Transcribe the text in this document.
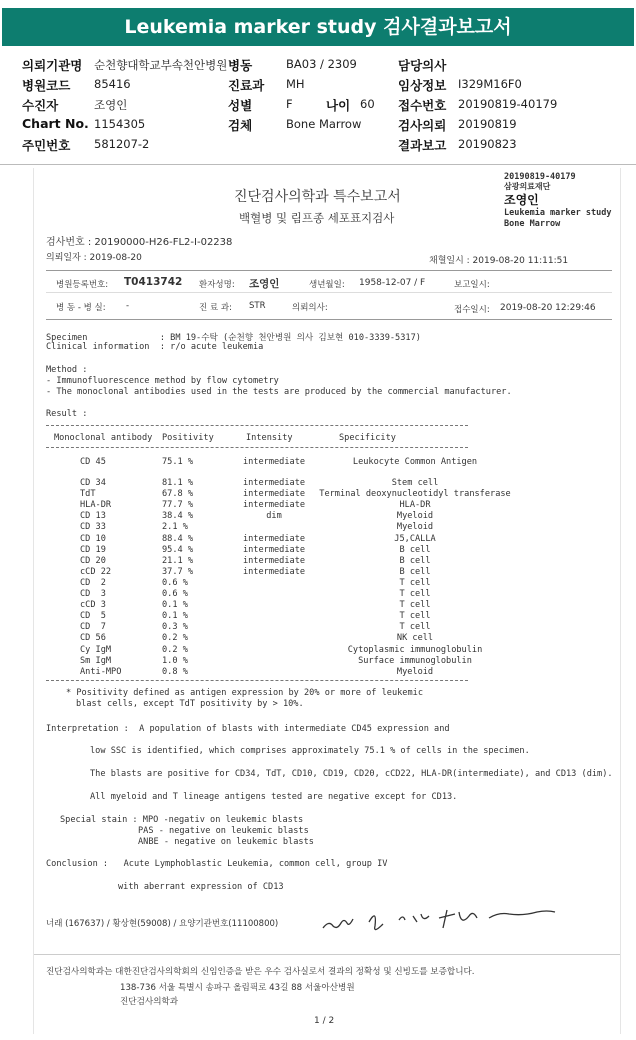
Leukemia marker study 검사결과보고서
의뢰기관명 순천향대학교부속천안병원 병동	BA03 / 2309	담당의사
병원코드 85416	진료과 MH	임상정보 I329M16F0
수진자	조영인	성별	F	접수번호 20190819-40179
Chart No. 1154305	검체	Bone Marrow	검사의뢰 20190819
주민번호 581207-2	결과보고 20190823
나이 60
20190819-40179
삼광의료재단
조영인
Leukemia marker study
Bone Marrow
진단검사의학과 특수보고서
백혈병 및 림프종 세포표지검사
검사번호 : 20190000-H26-FL2-I-02238
의뢰일자 : 2019-08-20	채혈일시 : 2019-08-20 11:11:51
병원등록번호: T0413742 환자성명: 조영인	생년월일: 1958-12-07 / F	보고일시:
병 동 - 병 실: -	진 료 과: STR	의뢰의사:	접수일시: 2019-08-20 12:29:46
Specimen              : BM 19-수탁 (순천향 천안병원 의사 김보현 010-3339-5317)
Clinical information  : r/o acute leukemia
Method :
- Immunofluorescence method by flow cytometry
- The monoclonal antibodies used in the tests are produced by the commercial manufacturer.
Result :
Monoclonal antibody Positivity	Intensity	Specificity
CD 45	75.1 %	intermediate	Leukocyte Common Antigen
CD 34	81.1 %	intermediate	Stem cell
TdT	67.8 %	intermediate	Terminal deoxynucleotidyl transferase
HLA-DR	77.7 %	intermediate	HLA-DR
CD 13	38.4 %	dim	Myeloid
CD 33	2.1 %	Myeloid
CD 10	88.4 %	intermediate	J5,CALLA
CD 19	95.4 %	intermediate	B cell
CD 20	21.1 %	intermediate	B cell
cCD 22	37.7 %	intermediate	B cell
CD  2	0.6 %	T cell
CD  3	0.6 %	T cell
cCD 3	0.1 %	T cell
CD  5	0.1 %	T cell
CD  7	0.3 %	T cell
CD 56	0.2 %	NK cell
Cy IgM	0.2 %	Cytoplasmic immunoglobulin
Sm IgM	1.0 %	Surface immunoglobulin
Anti-MPO	0.8 %	Myeloid
* Positivity defined as antigen expression by 20% or more of leukemic
blast cells, except TdT positivity by > 10%.
Interpretation :  A population of blasts with intermediate CD45 expression and
low SSC is identified, which comprises approximately 75.1 % of cells in the specimen.
The blasts are positive for CD34, TdT, CD10, CD19, CD20, cCD22, HLA-DR(intermediate), and CD13 (dim).
All myeloid and T lineage antigens tested are negative except for CD13.
Special stain : MPO -negativ on leukemic blasts
PAS - negative on leukemic blasts
ANBE - negative on leukemic blasts
Conclusion :   Acute Lymphoblastic Leukemia, common cell, group IV
with aberrant expression of CD13
너래 (167637) / 황상현(59008) / 요양기관번호(11100800)
진단검사의학과는 대한진단검사의학회의 신임인증을 받은 우수 검사실로서 결과의 정확성 및 신빙도를 보증합니다.
138-736 서울 특별시 송파구 올림픽로 43길 88 서울아산병원
진단검사의학과
1 / 2
